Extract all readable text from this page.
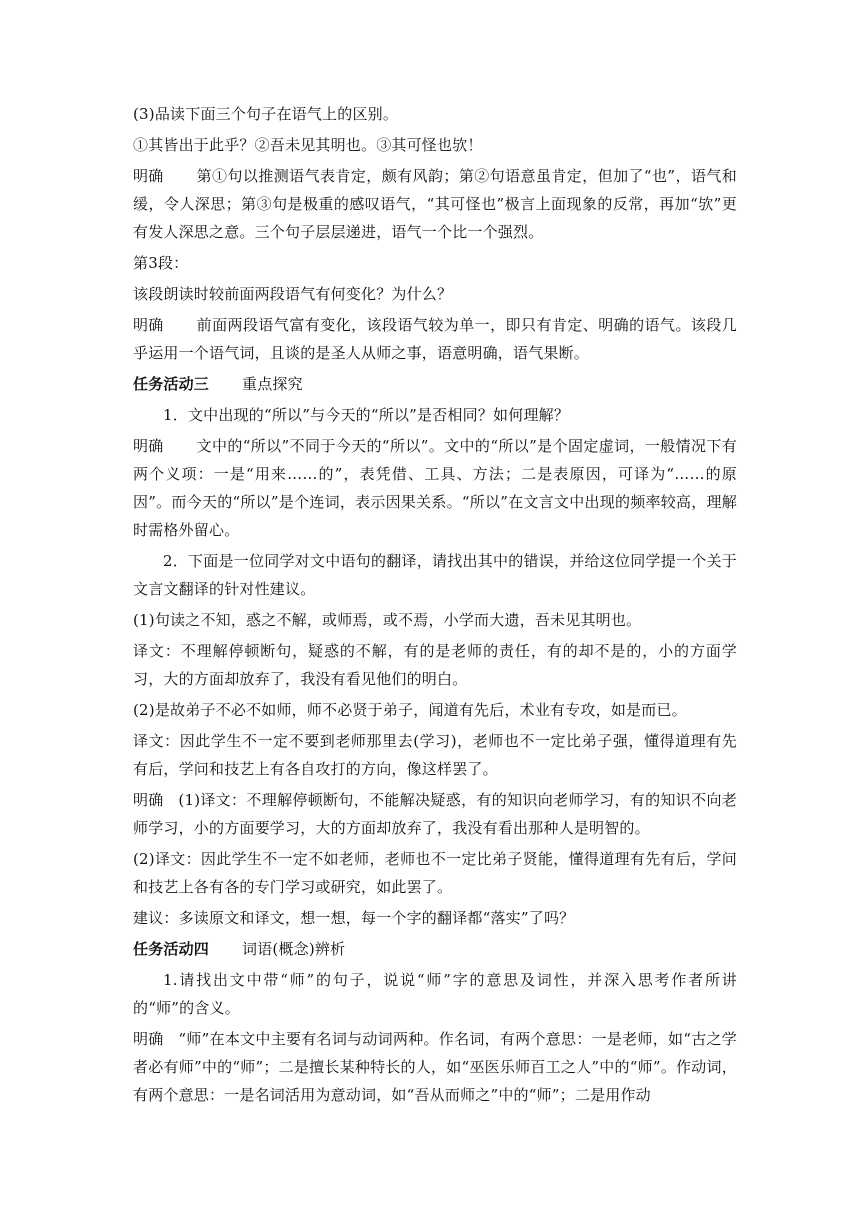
(3)品读下面三个句子在语气上的区别。

①其皆出于此乎？②吾未见其明也。③其可怪也欤！

明确 第①句以推测语气表肯定，颇有风韵；第②句语意虽肯定，但加了“也”，语气和缓，令人深思；第③句是极重的感叹语气，“其可怪也”极言上面现象的反常，再加“欤”更有发人深思之意。三个句子层层递进，语气一个比一个强烈。

第3段：

该段朗读时较前面两段语气有何变化？为什么？

明确 前面两段语气富有变化，该段语气较为单一，即只有肯定、明确的语气。该段几乎运用一个语气词，且谈的是圣人从师之事，语意明确，语气果断。

任务活动三 重点探究

1．文中出现的“所以”与今天的“所以”是否相同？如何理解？

明确 文中的“所以”不同于今天的“所以”。文中的“所以”是个固定虚词，一般情况下有两个义项：一是“用来……的”，表凭借、工具、方法；二是表原因，可译为“……的原因”。而今天的“所以”是个连词，表示因果关系。“所以”在文言文中出现的频率较高，理解时需格外留心。

2．下面是一位同学对文中语句的翻译，请找出其中的错误，并给这位同学提一个关于文言文翻译的针对性建议。

(1)句读之不知，惑之不解，或师焉，或不焉，小学而大遗，吾未见其明也。

译文：不理解停顿断句，疑惑的不解，有的是老师的责任，有的却不是的，小的方面学习，大的方面却放弃了，我没有看见他们的明白。

(2)是故弟子不必不如师，师不必贤于弟子，闻道有先后，术业有专攻，如是而已。

译文：因此学生不一定不要到老师那里去(学习)，老师也不一定比弟子强，懂得道理有先有后，学问和技艺上有各自攻打的方向，像这样罢了。

明确 (1)译文：不理解停顿断句，不能解决疑惑，有的知识向老师学习，有的知识不向老师学习，小的方面要学习，大的方面却放弃了，我没有看出那种人是明智的。

(2)译文：因此学生不一定不如老师，老师也不一定比弟子贤能，懂得道理有先有后，学问和技艺上各有各的专门学习或研究，如此罢了。

建议：多读原文和译文，想一想，每一个字的翻译都“落实”了吗？

任务活动四 词语(概念)辨析

1.请找出文中带“师”的句子，说说“师”字的意思及词性，并深入思考作者所讲的“师”的含义。

明确 “师”在本文中主要有名词与动词两种。作名词，有两个意思：一是老师，如“古之学者必有师”中的“师”；二是擅长某种特长的人，如“巫医乐师百工之人”中的“师”。作动词，有两个意思：一是名词活用为意动词，如“吾从而师之”中的“师”；二是用作动
